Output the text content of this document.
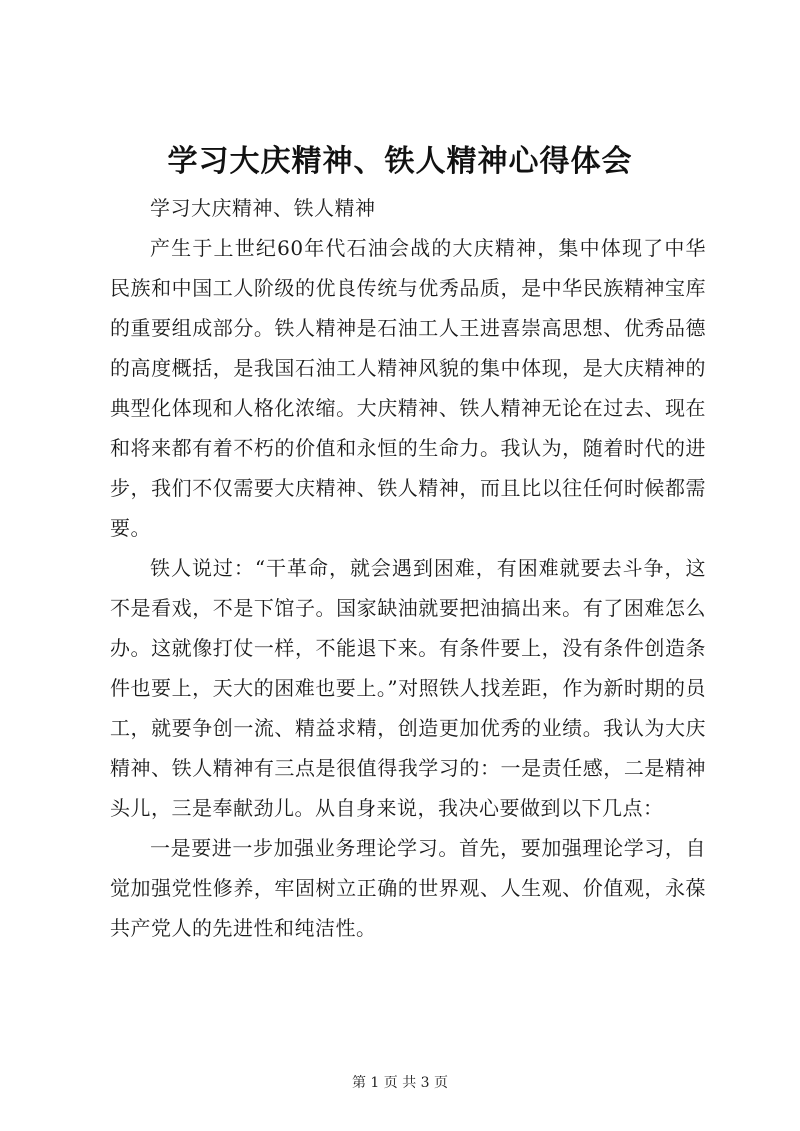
学习大庆精神、铁人精神心得体会

学习大庆精神、铁人精神

产生于上世纪60年代石油会战的大庆精神，集中体现了中华民族和中国工人阶级的优良传统与优秀品质，是中华民族精神宝库的重要组成部分。铁人精神是石油工人王进喜崇高思想、优秀品德的高度概括，是我国石油工人精神风貌的集中体现，是大庆精神的典型化体现和人格化浓缩。大庆精神、铁人精神无论在过去、现在和将来都有着不朽的价值和永恒的生命力。我认为，随着时代的进步，我们不仅需要大庆精神、铁人精神，而且比以往任何时候都需要。

铁人说过：“干革命，就会遇到困难，有困难就要去斗争，这不是看戏，不是下馆子。国家缺油就要把油搞出来。有了困难怎么办。这就像打仗一样，不能退下来。有条件要上，没有条件创造条件也要上，天大的困难也要上。”对照铁人找差距，作为新时期的员工，就要争创一流、精益求精，创造更加优秀的业绩。我认为大庆精神、铁人精神有三点是很值得我学习的：一是责任感，二是精神头儿，三是奉献劲儿。从自身来说，我决心要做到以下几点：

一是要进一步加强业务理论学习。首先，要加强理论学习，自觉加强党性修养，牢固树立正确的世界观、人生观、价值观，永葆共产党人的先进性和纯洁性。

第 1 页 共 3 页
